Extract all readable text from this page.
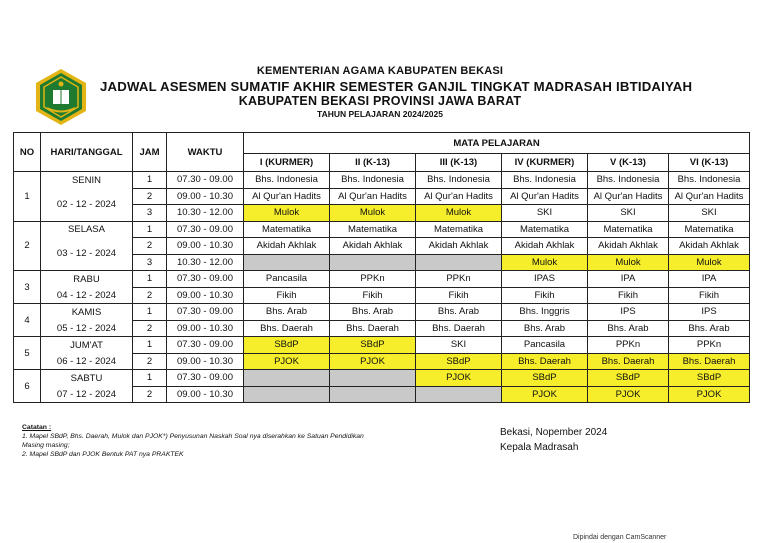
KEMENTERIAN AGAMA KABUPATEN BEKASI
JADWAL ASESMEN SUMATIF AKHIR SEMESTER GANJIL TINGKAT MADRASAH IBTIDAIYAH
KABUPATEN BEKASI PROVINSI JAWA BARAT
TAHUN PELAJARAN 2024/2025
NO	HARI/TANGGAL	JAM	WAKTU	MATA PELAJARAN					
				I (KURMER)	II (K-13)	III (K-13)	IV (KURMER)	V (K-13)	VI (K-13)
1	SENIN	1	07.30 - 09.00	Bhs. Indonesia	Bhs. Indonesia	Bhs. Indonesia	Bhs. Indonesia	Bhs. Indonesia	Bhs. Indonesia
	02 - 12 - 2024	2	09.00 - 10.30	Al Qur'an Hadits	Al Qur'an Hadits	Al Qur'an Hadits	Al Qur'an Hadits	Al Qur'an Hadits	Al Qur'an Hadits
		3	10.30 - 12.00	Mulok	Mulok	Mulok	SKI	SKI	SKI
2	SELASA	1	07.30 - 09.00	Matematika	Matematika	Matematika	Matematika	Matematika	Matematika
	03 - 12 - 2024	2	09.00 - 10.30	Akidah Akhlak	Akidah Akhlak	Akidah Akhlak	Akidah Akhlak	Akidah Akhlak	Akidah Akhlak
		3	10.30 - 12.00				Mulok	Mulok	Mulok
3	RABU	1	07.30 - 09.00	Pancasila	PPKn	PPKn	IPAS	IPA	IPA
	04 - 12 - 2024	2	09.00 - 10.30	Fikih	Fikih	Fikih	Fikih	Fikih	Fikih
4	KAMIS	1	07.30 - 09.00	Bhs. Arab	Bhs. Arab	Bhs. Arab	Bhs. Inggris	IPS	IPS
	05 - 12 - 2024	2	09.00 - 10.30	Bhs. Daerah	Bhs. Daerah	Bhs. Daerah	Bhs. Arab	Bhs. Arab	Bhs. Arab
5	JUM'AT	1	07.30 - 09.00	SBdP	SBdP	SKI	Pancasila	PPKn	PPKn
	06 - 12 - 2024	2	09.00 - 10.30	PJOK	PJOK	SBdP	Bhs. Daerah	Bhs. Daerah	Bhs. Daerah
6	SABTU	1	07.30 - 09.00			PJOK	SBdP	SBdP	SBdP
	07 - 12 - 2024	2	09.00 - 10.30				PJOK	PJOK	PJOK
Catatan :
1. Mapel SBdP, Bhs. Daerah, Mulok dan PJOK*) Penyusunan Naskah Soal nya diserahkan ke Satuan Pendidikan
Masing masing;
2. Mapel SBdP dan PJOK Bentuk PAT nya PRAKTEK
Bekasi, Nopember 2024
Kepala Madrasah
Dipindai dengan CamScanner
